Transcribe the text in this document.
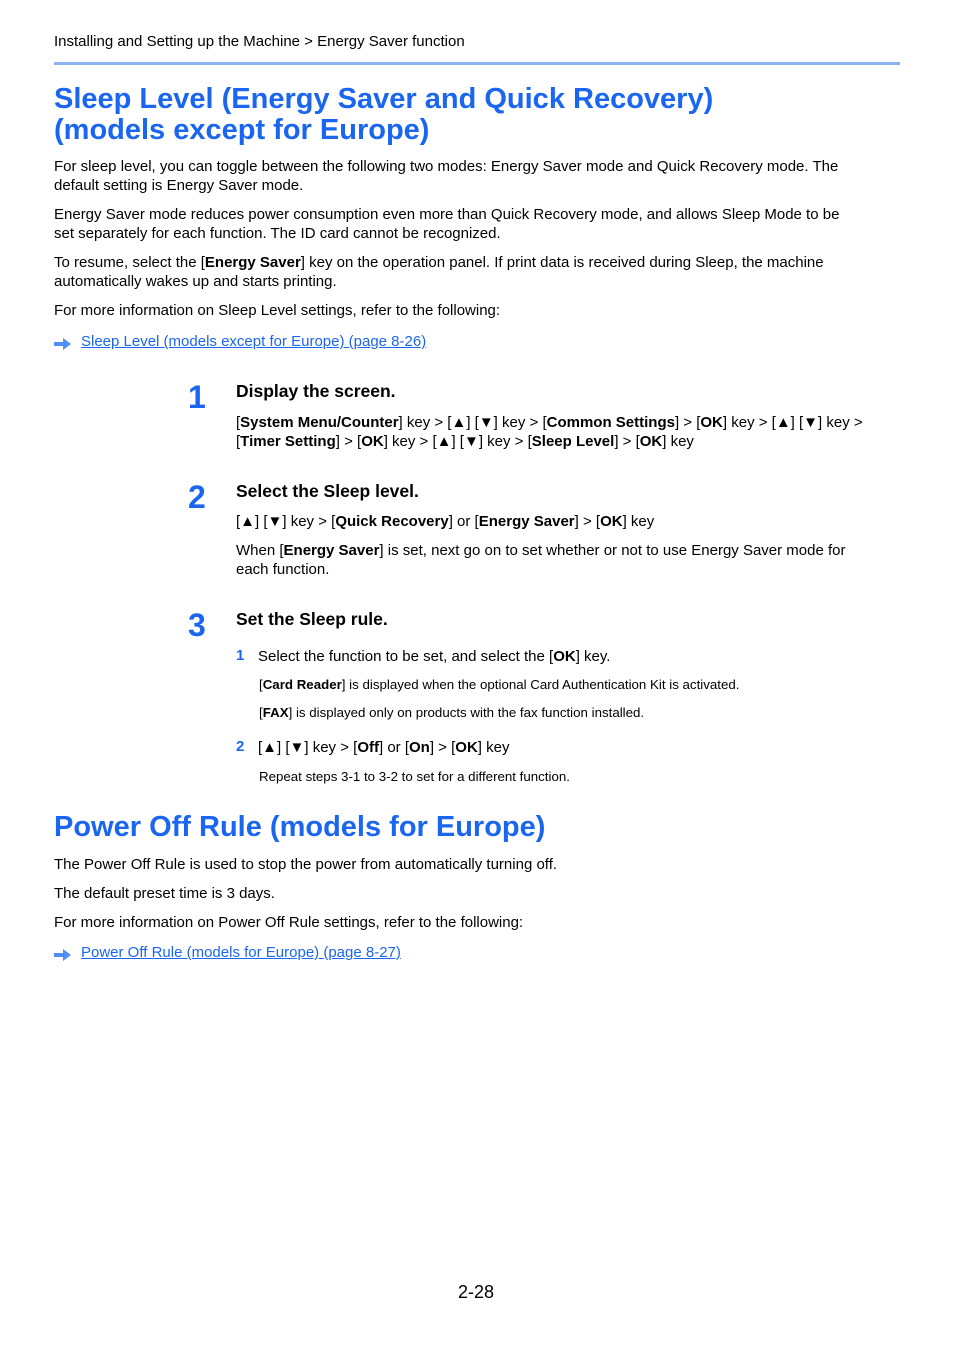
Installing and Setting up the Machine > Energy Saver function
Sleep Level (Energy Saver and Quick Recovery)
(models except for Europe)
For sleep level, you can toggle between the following two modes: Energy Saver mode and Quick Recovery mode. The
default setting is Energy Saver mode.
Energy Saver mode reduces power consumption even more than Quick Recovery mode, and allows Sleep Mode to be
set separately for each function. The ID card cannot be recognized.
To resume, select the [Energy Saver] key on the operation panel. If print data is received during Sleep, the machine
automatically wakes up and starts printing.
For more information on Sleep Level settings, refer to the following:
Sleep Level (models except for Europe) (page 8-26)
1 Display the screen.
[System Menu/Counter] key > [▲] [▼] key > [Common Settings] > [OK] key > [▲] [▼] key >
[Timer Setting] > [OK] key > [▲] [▼] key > [Sleep Level] > [OK] key
2 Select the Sleep level.
[▲] [▼] key > [Quick Recovery] or [Energy Saver] > [OK] key
When [Energy Saver] is set, next go on to set whether or not to use Energy Saver mode for
each function.
3 Set the Sleep rule.
1 Select the function to be set, and select the [OK] key.
[Card Reader] is displayed when the optional Card Authentication Kit is activated.
[FAX] is displayed only on products with the fax function installed.
2 [▲] [▼] key > [Off] or [On] > [OK] key
Repeat steps 3-1 to 3-2 to set for a different function.
Power Off Rule (models for Europe)
The Power Off Rule is used to stop the power from automatically turning off.
The default preset time is 3 days.
For more information on Power Off Rule settings, refer to the following:
Power Off Rule (models for Europe) (page 8-27)
2-28
